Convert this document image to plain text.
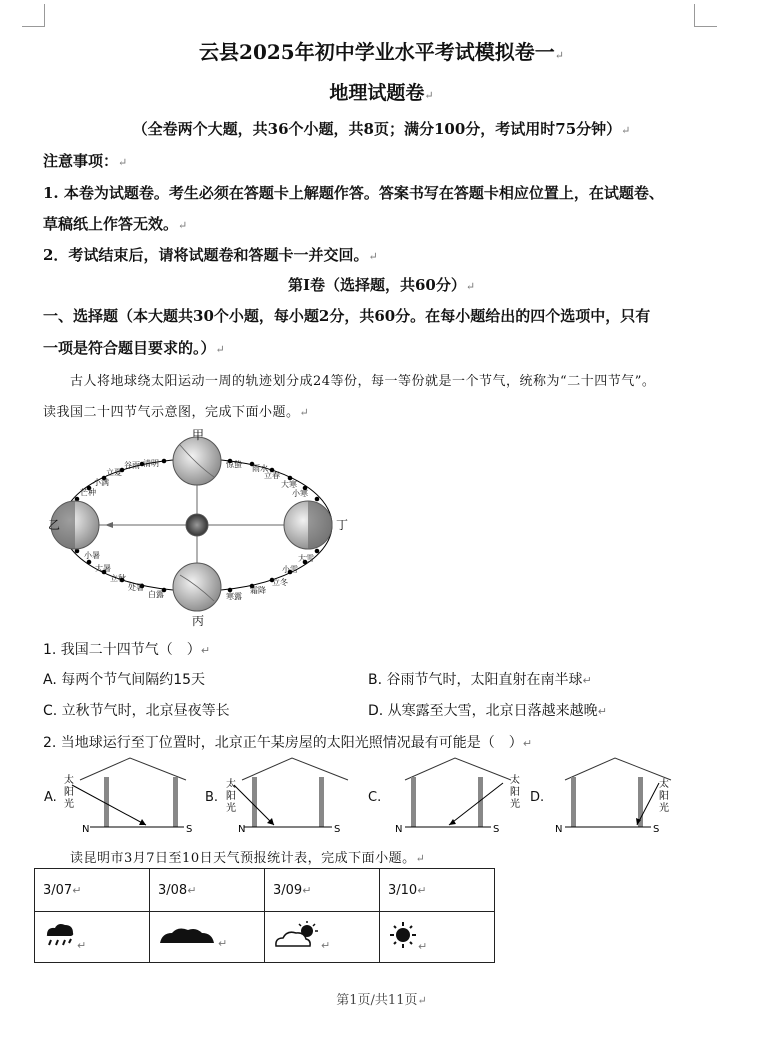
云县2025年初中学业水平考试模拟卷一↵
地理试题卷↵
（全卷两个大题，共36个小题，共8页；满分100分，考试用时75分钟）↵
注意事项：↵
1. 本卷为试题卷。考生必须在答题卡上解题作答。答案书写在答题卡相应位置上，在试题卷、
草稿纸上作答无效。↵
2．考试结束后，请将试题卷和答题卡一并交回。↵
第Ⅰ卷（选择题，共60分）↵
一、选择题（本大题共30个小题，每小题2分，共60分。在每小题给出的四个选项中，只有
一项是符合题目要求的。）↵
古人将地球绕太阳运动一周的轨迹划分成24等份，每一等份就是一个节气，统称为“二十四节气”。
读我国二十四节气示意图，完成下面小题。↵
甲
乙
丙
丁
清明
谷雨
立夏
小满
芒种
惊蛰 雨水
立春
大寒
小寒
小暑
大暑
立秋
处暑
白露	寒露
霜降
立冬
小雪
大雪
1. 我国二十四节气（　）↵
A. 每两个节气间隔约15天	B. 谷雨节气时，太阳直射在南半球↵
C. 立秋节气时，北京昼夜等长	D. 从寒露至大雪，北京日落越来越晚↵
2. 当地球运行至丁位置时，北京正午某房屋的太阳光照情况最有可能是（　）↵
A.
太
阳
光
N	S
B.
太
阳
光
N	S
C.
太
阳
光
N	S
D.
太
阳
光
N	S
读昆明市3月7日至10日天气预报统计表，完成下面小题。↵
3/07↵	3/08↵	3/09↵	3/10↵
↵	↵	↵	↵
第1页/共11页↵
